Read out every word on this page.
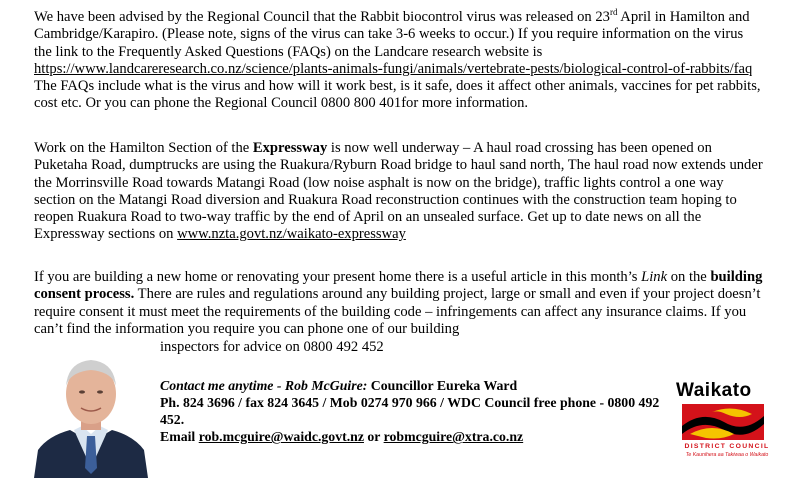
We have been advised by the Regional Council that the Rabbit biocontrol virus was released on 23rd April in Hamilton and Cambridge/Karapiro. (Please note, signs of the virus can take 3-6 weeks to occur.) If you require information on the virus the link to the Frequently Asked Questions (FAQs) on the Landcare research website is https://www.landcareresearch.co.nz/science/plants-animals-fungi/animals/vertebrate-pests/biological-control-of-rabbits/faq The FAQs include what is the virus and how will it work best, is it safe, does it affect other animals, vaccines for pet rabbits, cost etc. Or you can phone the Regional Council 0800 800 401for more information.

Work on the Hamilton Section of the Expressway is now well underway – A haul road crossing has been opened on Puketaha Road, dumptrucks are using the Ruakura/Ryburn Road bridge to haul sand north, The haul road now extends under the Morrinsville Road towards Matangi Road (low noise asphalt is now on the bridge), traffic lights control a one way section on the Matangi Road diversion and Ruakura Road reconstruction continues with the construction team hoping to reopen Ruakura Road to two-way traffic by the end of April on an unsealed surface. Get up to date news on all the Expressway sections on www.nzta.govt.nz/waikato-expressway

If you are building a new home or renovating your present home there is a useful article in this month’s Link on the building consent process. There are rules and regulations around any building project, large or small and even if your project doesn’t require consent it must meet the requirements of the building code – infringements can affect any insurance claims. If you can’t find the information you require you can phone one of our building

inspectors for advice on 0800 492 452

Contact me anytime - Rob McGuire: Councillor Eureka Ward
Ph. 824 3696 / fax 824 3645 / Mob 0274 970 966 / WDC Council free phone - 0800 492 452.
Email rob.mcguire@waidc.govt.nz or robmcguire@xtra.co.nz
Waikato
DISTRICT COUNCIL
Te Kaunihera aa Takiwaa o Waikato
